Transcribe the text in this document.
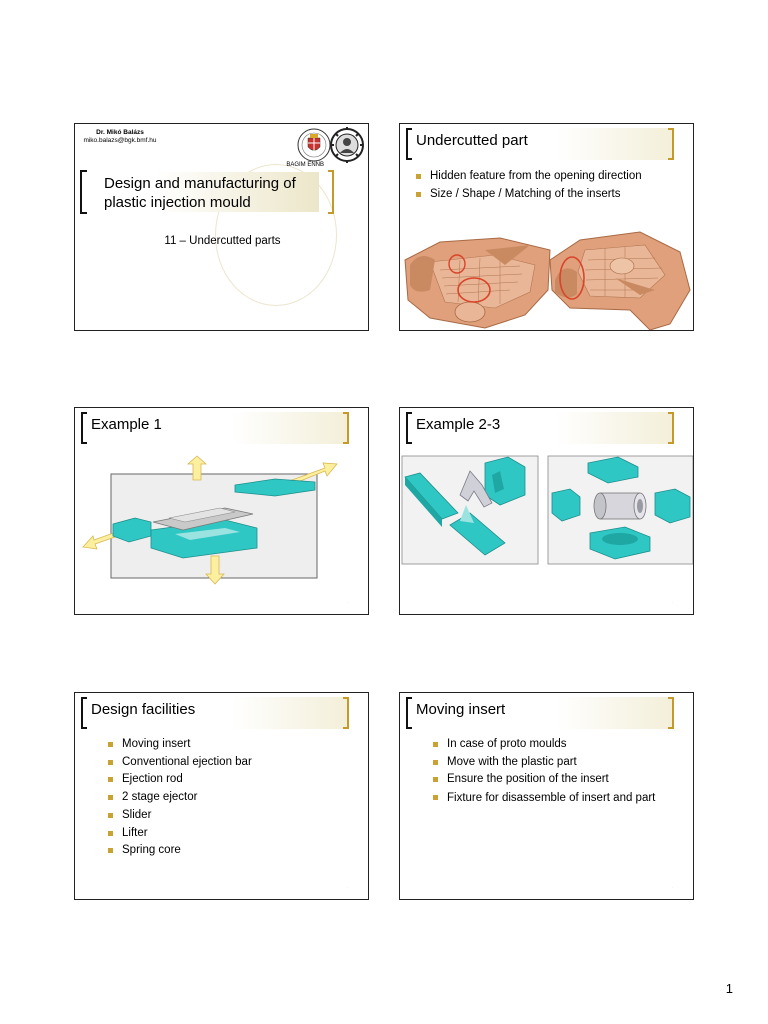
Dr. Mikó Balázs
miko.balazs@bgk.bmf.hu
BAGIM ENNB
Design and manufacturing of
plastic injection mould
11 – Undercutted parts
Undercutted part
Hidden feature from the opening direction
Size / Shape / Matching of the inserts
Example 1
·
Example 2-3
·
Design facilities
Moving insert
Conventional ejection bar
Ejection rod
2 stage ejector
Slider
Lifter
Spring core
·
Moving insert
In case of proto moulds
Move with the plastic part
Ensure the position of the insert
Fixture for disassemble of insert and part
·
1
